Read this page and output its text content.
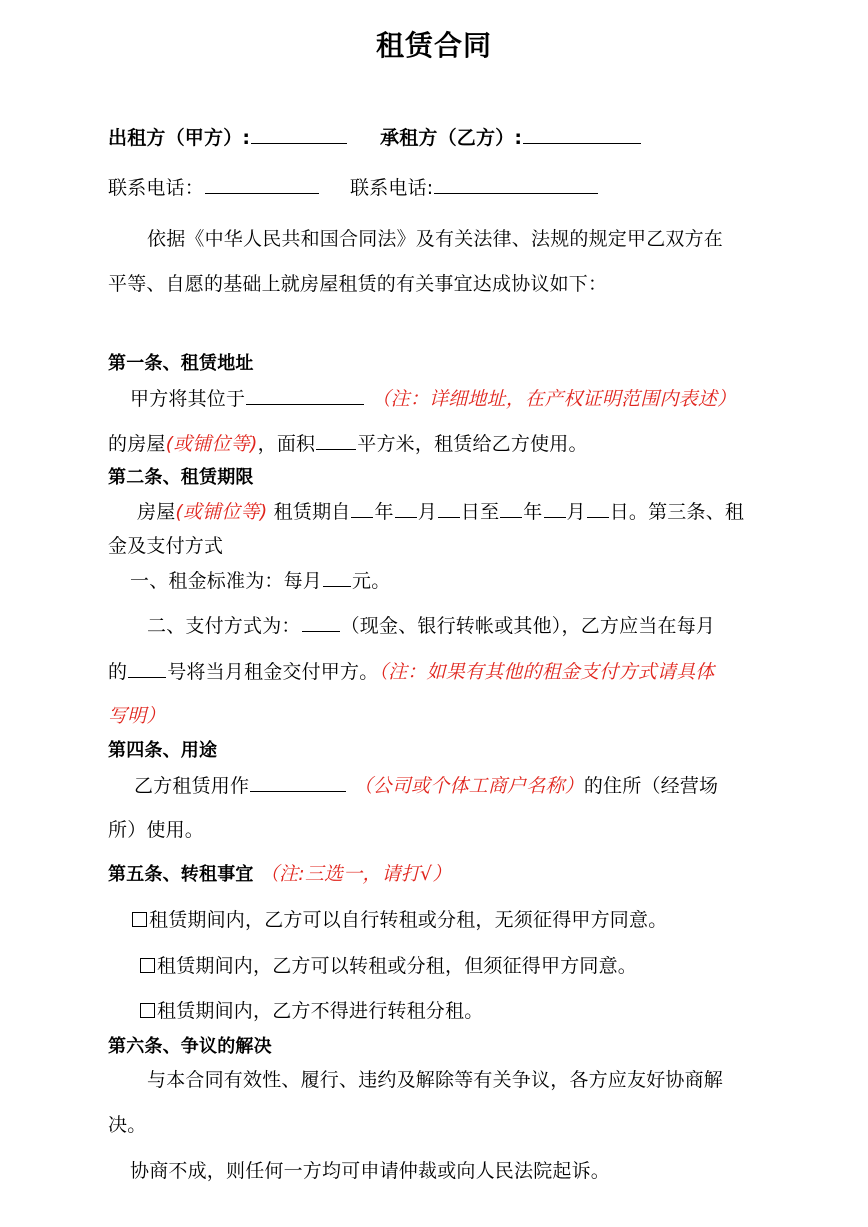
租赁合同
出租方（甲方）:	承租方（乙方）:
联系电话：	联系电话:
依据《中华人民共和国合同法》及有关法律、法规的规定甲乙双方在
平等、自愿的基础上就房屋租赁的有关事宜达成协议如下：
第一条、租赁地址
甲方将其位于	（注：详细地址，在产权证明范围内表述）
的房屋(或铺位等)，面积 平方米，租赁给乙方使用。
第二条、租赁期限
房屋(或铺位等) 租赁期自 年 月 日至 年 月 日。第三条、租
金及支付方式
一、租金标准为：每月 元。
二、支付方式为： （现金、银行转帐或其他），乙方应当在每月
的 号将当月租金交付甲方。（注：如果有其他的租金支付方式请具体
写明）
第四条、用途
乙方租赁用作	（公司或个体工商户名称）的住所（经营场
所）使用。
第五条、转租事宜 （注:三选一，请打√）
租赁期间内，乙方可以自行转租或分租，无须征得甲方同意。
租赁期间内，乙方可以转租或分租，但须征得甲方同意。
租赁期间内，乙方不得进行转租分租。
第六条、争议的解决
与本合同有效性、履行、违约及解除等有关争议，各方应友好协商解
决。
协商不成，则任何一方均可申请仲裁或向人民法院起诉。
